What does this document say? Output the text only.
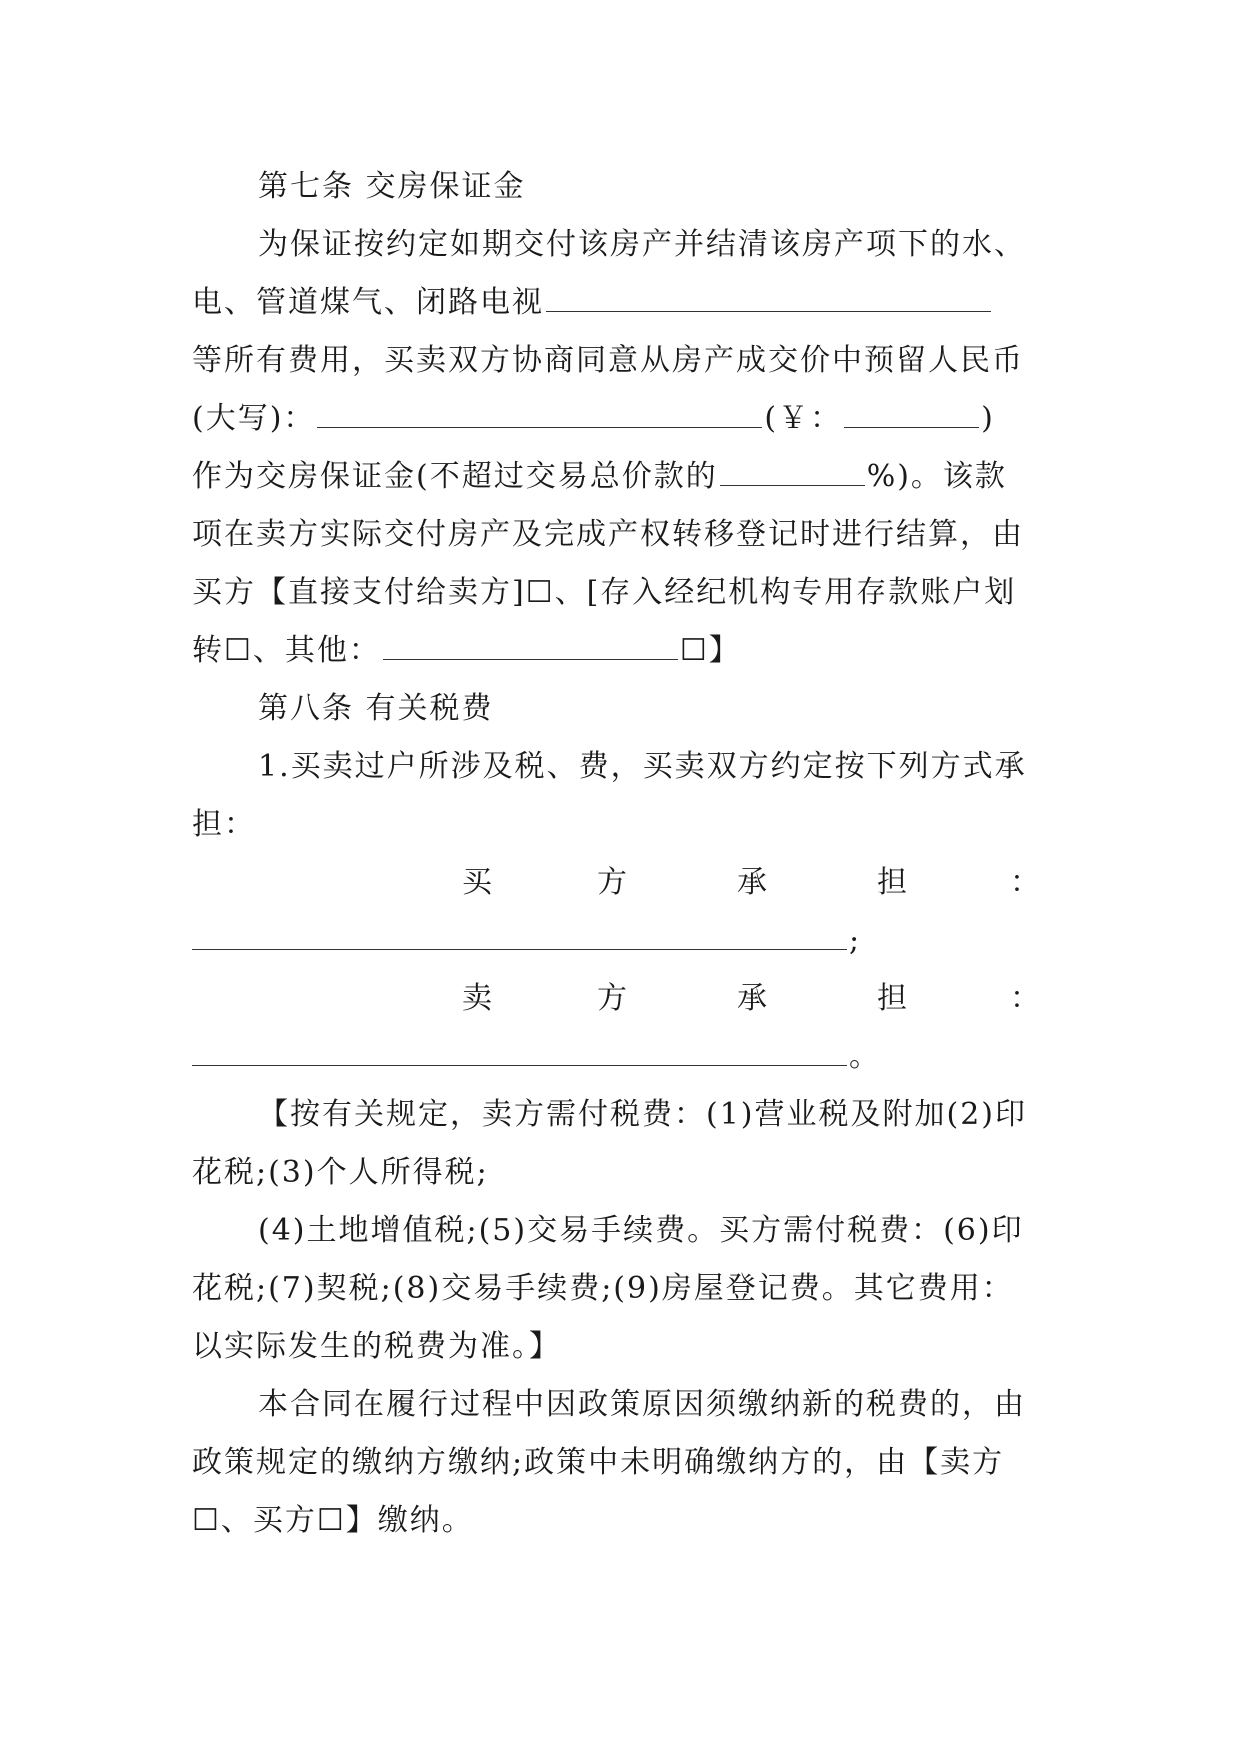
第七条 交房保证金
为保证按约定如期交付该房产并结清该房产项下的水、
电、管道煤气、闭路电视
等所有费用，买卖双方协商同意从房产成交价中预留人民币
(大写)：	(￥：	)
作为交房保证金(不超过交易总价款的	%)。该款
项在卖方实际交付房产及完成产权转移登记时进行结算，由
买方【直接支付给卖方]☐、[存入经纪机构专用存款账户划
转☐、其他：	☐】
第八条 有关税费
1.买卖过户所涉及税、费，买卖双方约定按下列方式承
担：
买	方	承	担	：
;
卖	方	承	担	：
。
【按有关规定，卖方需付税费：(1)营业税及附加(2)印
花税;(3)个人所得税;
(4)土地增值税;(5)交易手续费。买方需付税费：(6)印
花税;(7)契税;(8)交易手续费;(9)房屋登记费。其它费用：
以实际发生的税费为准。】
本合同在履行过程中因政策原因须缴纳新的税费的，由
政策规定的缴纳方缴纳;政策中未明确缴纳方的，由【卖方
☐、买方☐】缴纳。
